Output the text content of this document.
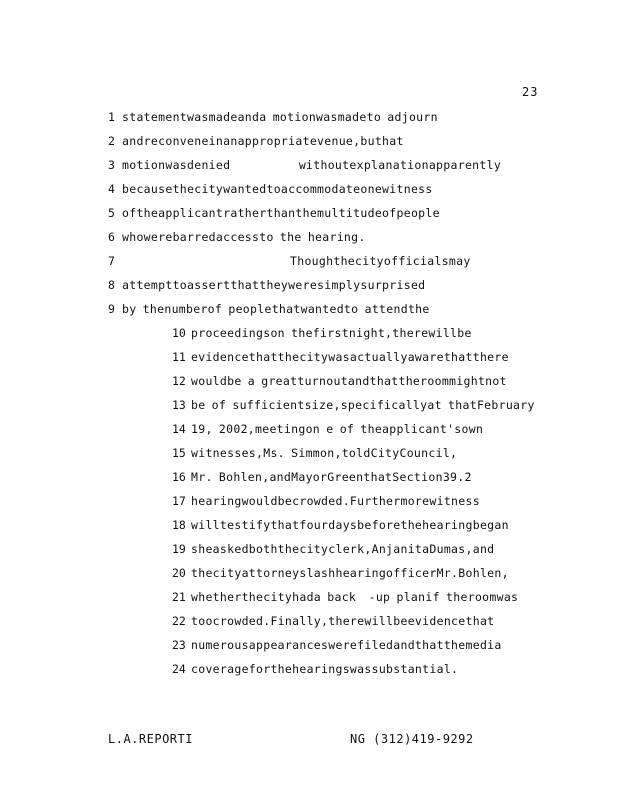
23

1

statementwasmadeanda motionwasmadeto adjourn

2

andreconveneinanappropriatevenue,buthat

3

motionwasdenied           withoutexplanationapparently

4

becausethecitywantedtoaccommodateonewitness

5

oftheapplicantratherthanthemultitudeofpeople

6

whowerebarredaccessto the hearing.

7

	Thoughthecityofficialsmay

8

attempttoassertthattheyweresimplysurprised

9

by thenumberof peoplethatwantedto attendthe

10

proceedingson thefirstnight,therewillbe

11

evidencethatthecitywasactuallyawarethatthere

12

wouldbe a greatturnoutandthattheroommightnot

13

be of sufficientsize,specificallyat thatFebruary

14

19, 2002,meetingon e of theapplicant'sown

15

witnesses,Ms. Simmon,toldCityCouncil,

16

Mr. Bohlen,andMayorGreenthatSection39.2

17

hearingwouldbecrowded.Furthermorewitness

18

willtestifythatfourdaysbeforethehearingbegan

19

sheaskedboththecityclerk,AnjanitaDumas,and

20

thecityattorneyslashhearingofficerMr.Bohlen,

21

whetherthecityhada back  -up planif theroomwas

22

toocrowded.Finally,therewillbeevidencethat

23

numerousappearanceswerefiledandthatthemedia

24

coverageforthehearingswassubstantial.

L.A.REPORTI	NG (312)419-9292
